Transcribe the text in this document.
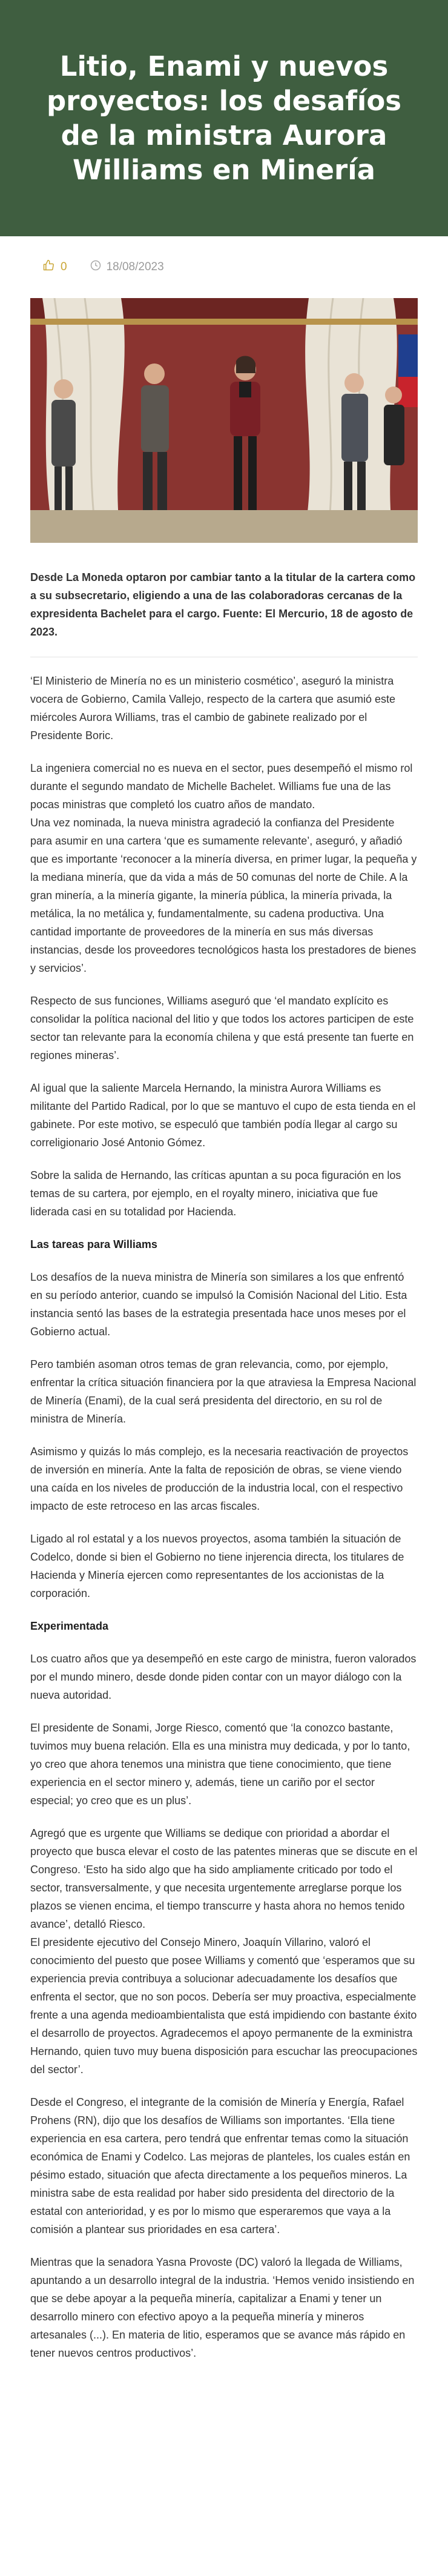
Litio, Enami y nuevos proyectos: los desafíos de la ministra Aurora Williams en Minería
0	18/08/2023

Desde La Moneda optaron por cambiar tanto a la titular de la cartera como a su subsecretario, eligiendo a una de las colaboradoras cercanas de la expresidenta Bachelet para el cargo. Fuente: El Mercurio, 18 de agosto de 2023.

‘El Ministerio de Minería no es un ministerio cosmético’, aseguró la ministra vocera de Gobierno, Camila Vallejo, respecto de la cartera que asumió este miércoles Aurora Williams, tras el cambio de gabinete realizado por el Presidente Boric.

La ingeniera comercial no es nueva en el sector, pues desempeñó el mismo rol durante el segundo mandato de Michelle Bachelet. Williams fue una de las pocas ministras que completó los cuatro años de mandato.

Una vez nominada, la nueva ministra agradeció la confianza del Presidente para asumir en una cartera ‘que es sumamente relevante’, aseguró, y añadió que es importante ‘reconocer a la minería diversa, en primer lugar, la pequeña y la mediana minería, que da vida a más de 50 comunas del norte de Chile. A la gran minería, a la minería gigante, la minería pública, la minería privada, la metálica, la no metálica y, fundamentalmente, su cadena productiva. Una cantidad importante de proveedores de la minería en sus más diversas instancias, desde los proveedores tecnológicos hasta los prestadores de bienes y servicios’.

Respecto de sus funciones, Williams aseguró que ‘el mandato explícito es consolidar la política nacional del litio y que todos los actores participen de este sector tan relevante para la economía chilena y que está presente tan fuerte en regiones mineras’.

Al igual que la saliente Marcela Hernando, la ministra Aurora Williams es militante del Partido Radical, por lo que se mantuvo el cupo de esta tienda en el gabinete. Por este motivo, se especuló que también podía llegar al cargo su correligionario José Antonio Gómez.

Sobre la salida de Hernando, las críticas apuntan a su poca figuración en los temas de su cartera, por ejemplo, en el royalty minero, iniciativa que fue liderada casi en su totalidad por Hacienda.

Las tareas para Williams

Los desafíos de la nueva ministra de Minería son similares a los que enfrentó en su período anterior, cuando se impulsó la Comisión Nacional del Litio. Esta instancia sentó las bases de la estrategia presentada hace unos meses por el Gobierno actual.

Pero también asoman otros temas de gran relevancia, como, por ejemplo, enfrentar la crítica situación financiera por la que atraviesa la Empresa Nacional de Minería (Enami), de la cual será presidenta del directorio, en su rol de ministra de Minería.

Asimismo y quizás lo más complejo, es la necesaria reactivación de proyectos de inversión en minería. Ante la falta de reposición de obras, se viene viendo una caída en los niveles de producción de la industria local, con el respectivo impacto de este retroceso en las arcas fiscales.

Ligado al rol estatal y a los nuevos proyectos, asoma también la situación de Codelco, donde si bien el Gobierno no tiene injerencia directa, los titulares de Hacienda y Minería ejercen como representantes de los accionistas de la corporación.

Experimentada

Los cuatro años que ya desempeñó en este cargo de ministra, fueron valorados por el mundo minero, desde donde piden contar con un mayor diálogo con la nueva autoridad.

El presidente de Sonami, Jorge Riesco, comentó que ‘la conozco bastante, tuvimos muy buena relación. Ella es una ministra muy dedicada, y por lo tanto, yo creo que ahora tenemos una ministra que tiene conocimiento, que tiene experiencia en el sector minero y, además, tiene un cariño por el sector especial; yo creo que es un plus’.

Agregó que es urgente que Williams se dedique con prioridad a abordar el proyecto que busca elevar el costo de las patentes mineras que se discute en el Congreso. ‘Esto ha sido algo que ha sido ampliamente criticado por todo el sector, transversalmente, y que necesita urgentemente arreglarse porque los plazos se vienen encima, el tiempo transcurre y hasta ahora no hemos tenido avance’, detalló Riesco.

El presidente ejecutivo del Consejo Minero, Joaquín Villarino, valoró el conocimiento del puesto que posee Williams y comentó que ‘esperamos que su experiencia previa contribuya a solucionar adecuadamente los desafíos que enfrenta el sector, que no son pocos. Debería ser muy proactiva, especialmente frente a una agenda medioambientalista que está impidiendo con bastante éxito el desarrollo de proyectos. Agradecemos el apoyo permanente de la exministra Hernando, quien tuvo muy buena disposición para escuchar las preocupaciones del sector’.

Desde el Congreso, el integrante de la comisión de Minería y Energía, Rafael Prohens (RN), dijo que los desafíos de Williams son importantes. ‘Ella tiene experiencia en esa cartera, pero tendrá que enfrentar temas como la situación económica de Enami y Codelco. Las mejoras de planteles, los cuales están en pésimo estado, situación que afecta directamente a los pequeños mineros. La ministra sabe de esta realidad por haber sido presidenta del directorio de la estatal con anterioridad, y es por lo mismo que esperaremos que vaya a la comisión a plantear sus prioridades en esa cartera’.

Mientras que la senadora Yasna Provoste (DC) valoró la llegada de Williams, apuntando a un desarrollo integral de la industria. ‘Hemos venido insistiendo en que se debe apoyar a la pequeña minería, capitalizar a Enami y tener un desarrollo minero con efectivo apoyo a la pequeña minería y mineros artesanales (...). En materia de litio, esperamos que se avance más rápido en tener nuevos centros productivos’.
